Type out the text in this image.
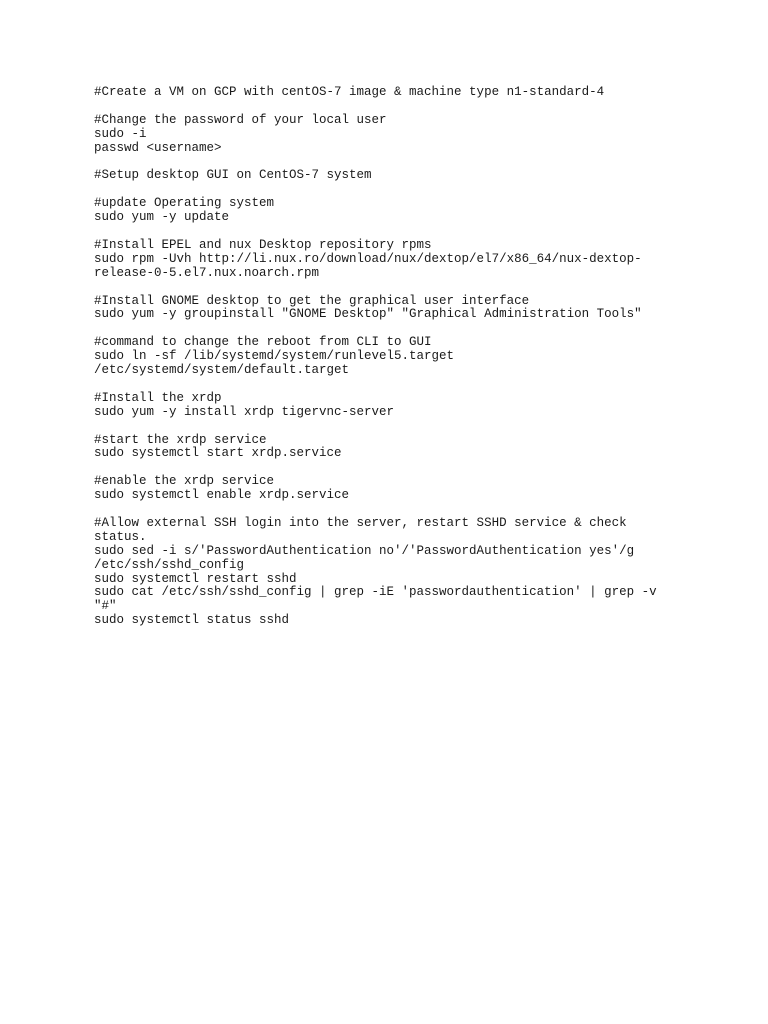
#Create a VM on GCP with centOS-7 image & machine type n1-standard-4
#Change the password of your local user
sudo -i
passwd <username>
#Setup desktop GUI on CentOS-7 system
#update Operating system
sudo yum -y update
#Install EPEL and nux Desktop repository rpms
sudo rpm -Uvh http://li.nux.ro/download/nux/dextop/el7/x86_64/nux-dextop-
release-0-5.el7.nux.noarch.rpm
#Install GNOME desktop to get the graphical user interface
sudo yum -y groupinstall "GNOME Desktop" "Graphical Administration Tools"
#command to change the reboot from CLI to GUI
sudo ln -sf /lib/systemd/system/runlevel5.target
/etc/systemd/system/default.target
#Install the xrdp
sudo yum -y install xrdp tigervnc-server
#start the xrdp service
sudo systemctl start xrdp.service
#enable the xrdp service
sudo systemctl enable xrdp.service
#Allow external SSH login into the server, restart SSHD service & check
status.
sudo sed -i s/'PasswordAuthentication no'/'PasswordAuthentication yes'/g
/etc/ssh/sshd_config
sudo systemctl restart sshd
sudo cat /etc/ssh/sshd_config | grep -iE 'passwordauthentication' | grep -v
"#"
sudo systemctl status sshd
